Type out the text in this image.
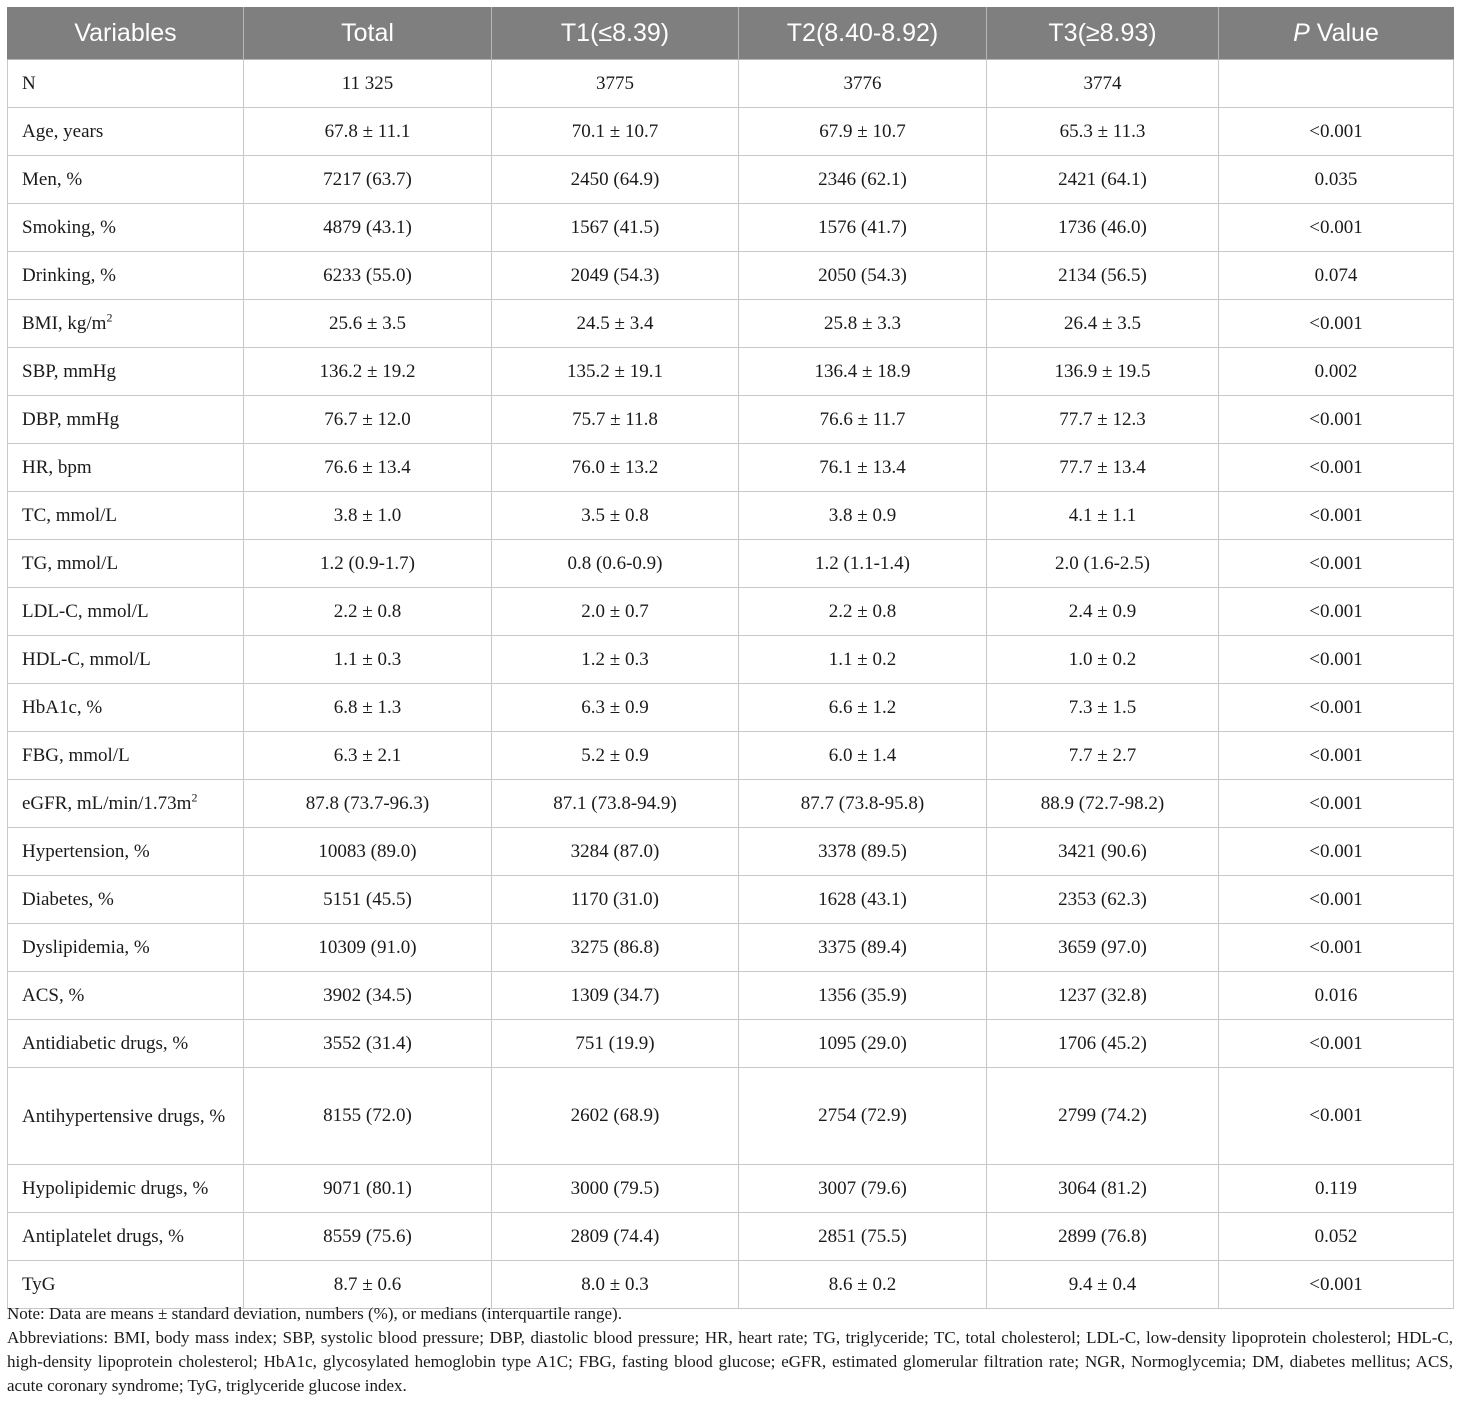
Variables	Total	T1(≤8.39)	T2(8.40-8.92)	T3(≥8.93)	P Value
N	11 325	3775	3776	3774	
Age, years	67.8 ± 11.1	70.1 ± 10.7	67.9 ± 10.7	65.3 ± 11.3	<0.001
Men, %	7217 (63.7)	2450 (64.9)	2346 (62.1)	2421 (64.1)	0.035
Smoking, %	4879 (43.1)	1567 (41.5)	1576 (41.7)	1736 (46.0)	<0.001
Drinking, %	6233 (55.0)	2049 (54.3)	2050 (54.3)	2134 (56.5)	0.074
BMI, $kg/m^2$	25.6 ± 3.5	24.5 ± 3.4	25.8 ± 3.3	26.4 ± 3.5	<0.001
SBP, mmHg	136.2 ± 19.2	135.2 ± 19.1	136.4 ± 18.9	136.9 ± 19.5	0.002
DBP, mmHg	76.7 ± 12.0	75.7 ± 11.8	76.6 ± 11.7	77.7 ± 12.3	<0.001
HR, bpm	76.6 ± 13.4	76.0 ± 13.2	76.1 ± 13.4	77.7 ± 13.4	<0.001
TC, mmol/L	3.8 ± 1.0	3.5 ± 0.8	3.8 ± 0.9	4.1 ± 1.1	<0.001
TG, mmol/L	1.2 (0.9-1.7)	0.8 (0.6-0.9)	1.2 (1.1-1.4)	2.0 (1.6-2.5)	<0.001
LDL-C, mmol/L	2.2 ± 0.8	2.0 ± 0.7	2.2 ± 0.8	2.4 ± 0.9	<0.001
HDL-C, mmol/L	1.1 ± 0.3	1.2 ± 0.3	1.1 ± 0.2	1.0 ± 0.2	<0.001
HbA1c, %	6.8 ± 1.3	6.3 ± 0.9	6.6 ± 1.2	7.3 ± 1.5	<0.001
FBG, mmol/L	6.3 ± 2.1	5.2 ± 0.9	6.0 ± 1.4	7.7 ± 2.7	<0.001
eGFR, $mL/\min/1.73m^2$	87.8 (73.7-96.3)	87.1 (73.8-94.9)	87.7 (73.8-95.8)	88.9 (72.7-98.2)	<0.001
Hypertension, %	10083 (89.0)	3284 (87.0)	3378 (89.5)	3421 (90.6)	<0.001
Diabetes, %	5151 (45.5)	1170 (31.0)	1628 (43.1)	2353 (62.3)	<0.001
Dyslipidemia, %	10309 (91.0)	3275 (86.8)	3375 (89.4)	3659 (97.0)	<0.001
ACS, %	3902 (34.5)	1309 (34.7)	1356 (35.9)	1237 (32.8)	0.016
Antidiabetic drugs, %	3552 (31.4)	751 (19.9)	1095 (29.0)	1706 (45.2)	<0.001
Antihypertensive drugs, %	8155 (72.0)	2602 (68.9)	2754 (72.9)	2799 (74.2)	<0.001
Hypolipidemic drugs, %	9071 (80.1)	3000 (79.5)	3007 (79.6)	3064 (81.2)	0.119
Antiplatelet drugs, %	8559 (75.6)	2809 (74.4)	2851 (75.5)	2899 (76.8)	0.052
TyG	8.7 ± 0.6	8.0 ± 0.3	8.6 ± 0.2	9.4 ± 0.4	<0.001

Note: Data are means ± standard deviation, numbers (%), or medians (interquartile range).

Abbreviations: BMI, body mass index; SBP, systolic blood pressure; DBP, diastolic blood pressure; HR, heart rate; TG, triglyceride; TC, total cholesterol; LDL-C, low-density lipoprotein cholesterol; HDL-C, high-density lipoprotein cholesterol; HbA1c, glycosylated hemoglobin type A1C; FBG, fasting blood glucose; eGFR, estimated glomerular filtration rate; NGR, Normoglycemia; DM, diabetes mellitus; ACS, acute coronary syndrome; TyG, triglyceride glucose index.
